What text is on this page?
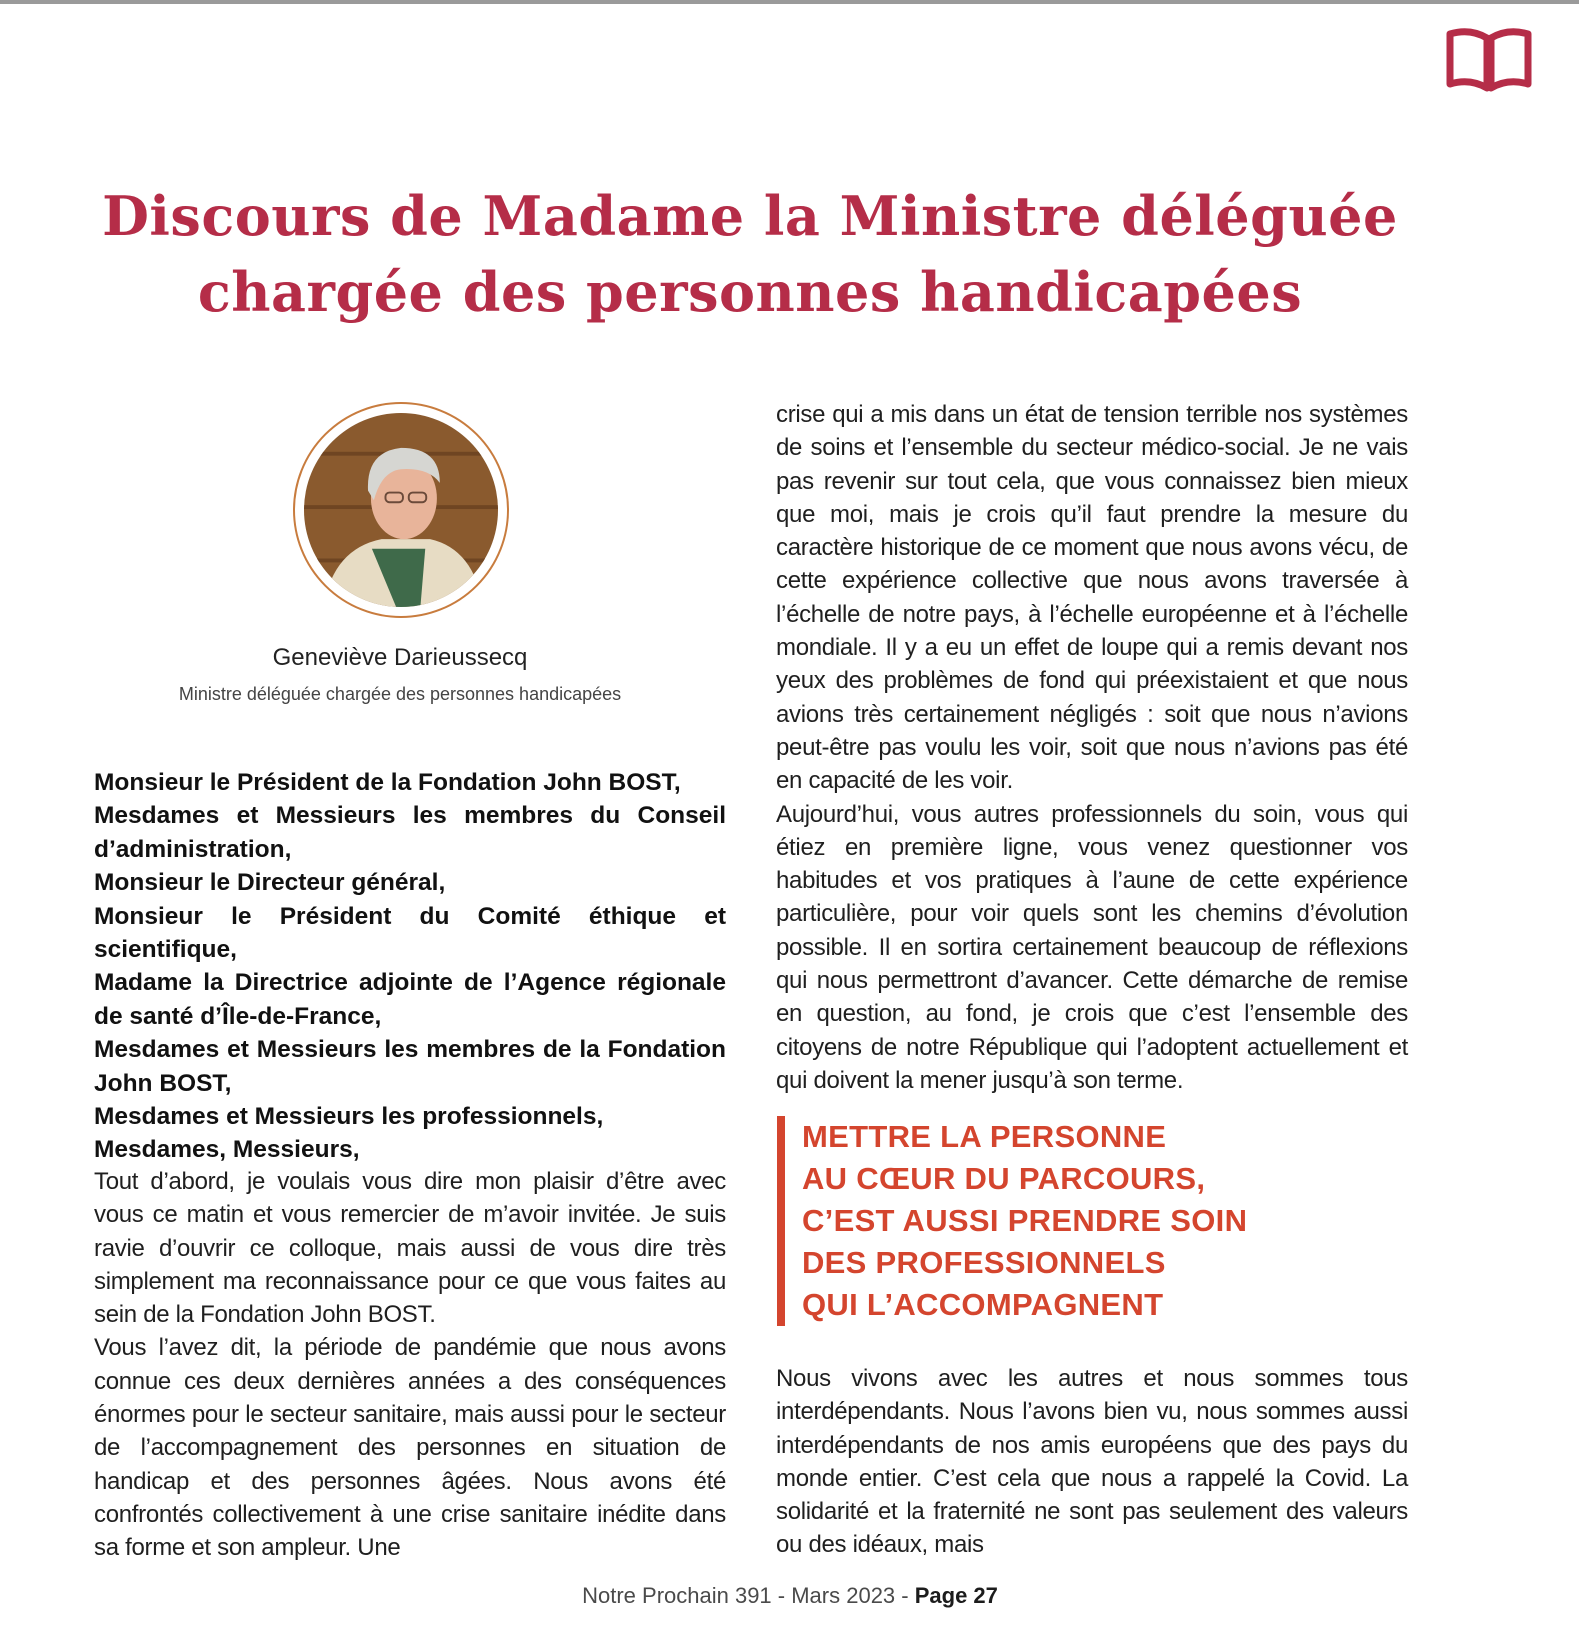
Discours de Madame la Ministre déléguée
chargée des personnes handicapées

Geneviève Darieussecq

Ministre déléguée chargée des personnes handicapées

Monsieur le Président de la Fondation John BOST,
Mesdames et Messieurs les membres du Conseil d’administration,
Monsieur le Directeur général,
Monsieur le Président du Comité éthique et scientifique,
Madame la Directrice adjointe de l’Agence régionale de santé d’Île-de-France,
Mesdames et Messieurs les membres de la Fondation John BOST,
Mesdames et Messieurs les professionnels,
Mesdames, Messieurs,

Tout d’abord, je voulais vous dire mon plaisir d’être avec vous ce matin et vous remercier de m’avoir invitée. Je suis ravie d’ouvrir ce colloque, mais aussi de vous dire très simplement ma reconnaissance pour ce que vous faites au sein de la Fondation John BOST.

Vous l’avez dit, la période de pandémie que nous avons connue ces deux dernières années a des conséquences énormes pour le secteur sanitaire, mais aussi pour le secteur de l’accompagnement des personnes en situation de handicap et des personnes âgées. Nous avons été confrontés collectivement à une crise sanitaire inédite dans sa forme et son ampleur. Une

crise qui a mis dans un état de tension terrible nos systèmes de soins et l’ensemble du secteur médico-social. Je ne vais pas revenir sur tout cela, que vous connaissez bien mieux que moi, mais je crois qu’il faut prendre la mesure du caractère historique de ce moment que nous avons vécu, de cette expérience collective que nous avons traversée à l’échelle de notre pays, à l’échelle européenne et à l’échelle mondiale. Il y a eu un effet de loupe qui a remis devant nos yeux des problèmes de fond qui préexistaient et que nous avions très certainement négligés : soit que nous n’avions peut-être pas voulu les voir, soit que nous n’avions pas été en capacité de les voir.

Aujourd’hui, vous autres professionnels du soin, vous qui étiez en première ligne, vous venez questionner vos habitudes et vos pratiques à l’aune de cette expérience particulière, pour voir quels sont les chemins d’évolution possible. Il en sortira certainement beaucoup de réflexions qui nous permettront d’avancer. Cette démarche de remise en question, au fond, je crois que c’est l’ensemble des citoyens de notre République qui l’adoptent actuellement et qui doivent la mener jusqu’à son terme.

METTRE LA PERSONNE

AU CŒUR DU PARCOURS,

C’EST AUSSI PRENDRE SOIN

DES PROFESSIONNELS

QUI L’ACCOMPAGNENT

Nous vivons avec les autres et nous sommes tous interdépendants. Nous l’avons bien vu, nous sommes aussi interdépendants de nos amis européens que des pays du monde entier. C’est cela que nous a rappelé la Covid. La solidarité et la fraternité ne sont pas seulement des valeurs ou des idéaux, mais

Notre Prochain 391 - Mars 2023 - Page 27
